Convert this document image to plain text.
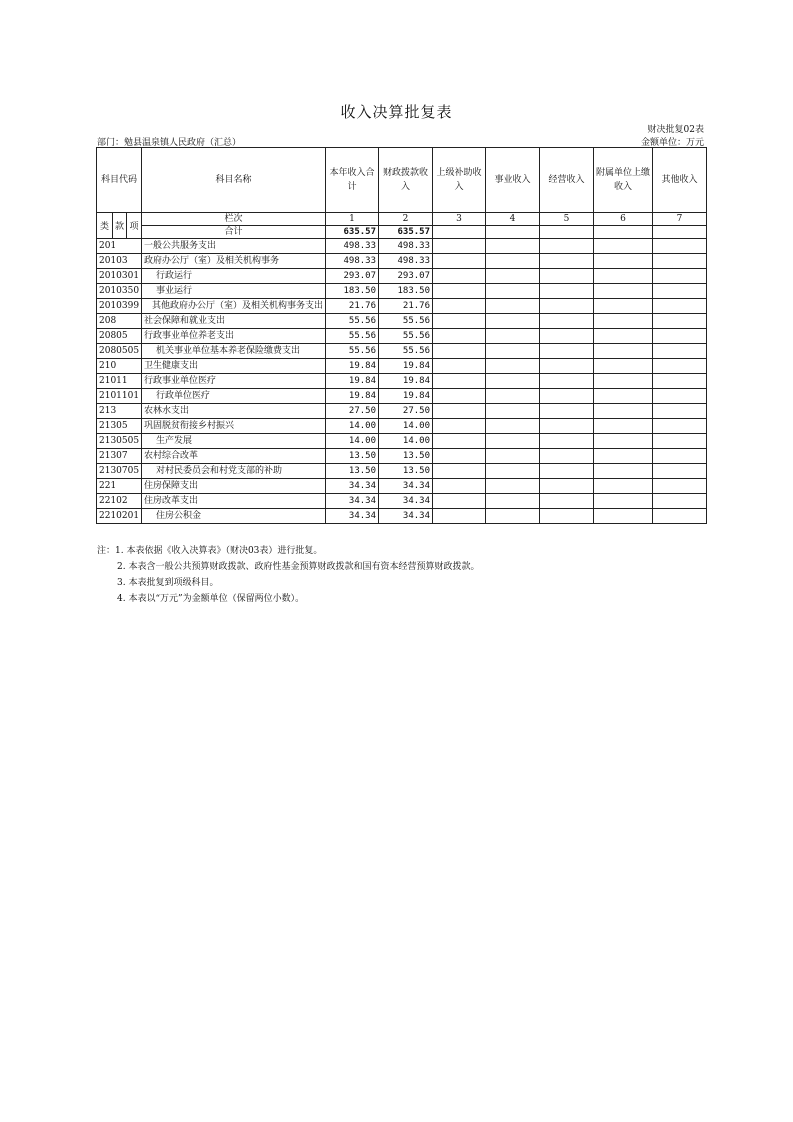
收入决算批复表
财决批复02表
部门：勉县温泉镇人民政府（汇总）	金额单位：万元
科目代码			科目名称	本年收入合计	财政拨款收入	上级补助收入	事业收入	经营收入	附属单位上缴收入	其他收入
类	款	项								
			栏次	1	2	3	4	5	6	7
			合计	635.57	635.57					
201			一般公共服务支出	498.33	498.33					
20103			政府办公厅（室）及相关机构事务	498.33	498.33					
2010301			行政运行	293.07	293.07					
2010350			事业运行	183.50	183.50					
2010399			其他政府办公厅（室）及相关机构事务支出	21.76	21.76					
208			社会保障和就业支出	55.56	55.56					
20805			行政事业单位养老支出	55.56	55.56					
2080505			机关事业单位基本养老保险缴费支出	55.56	55.56					
210			卫生健康支出	19.84	19.84					
21011			行政事业单位医疗	19.84	19.84					
2101101			行政单位医疗	19.84	19.84					
213			农林水支出	27.50	27.50					
21305			巩固脱贫衔接乡村振兴	14.00	14.00					
2130505			生产发展	14.00	14.00					
21307			农村综合改革	13.50	13.50					
2130705			对村民委员会和村党支部的补助	13.50	13.50					
221			住房保障支出	34.34	34.34					
22102			住房改革支出	34.34	34.34					
2210201			住房公积金	34.34	34.34					
注：1. 本表依据《收入决算表》（财决03表）进行批复。
2. 本表含一般公共预算财政拨款、政府性基金预算财政拨款和国有资本经营预算财政拨款。
3. 本表批复到项级科目。
4. 本表以“万元”为金额单位（保留两位小数）。
